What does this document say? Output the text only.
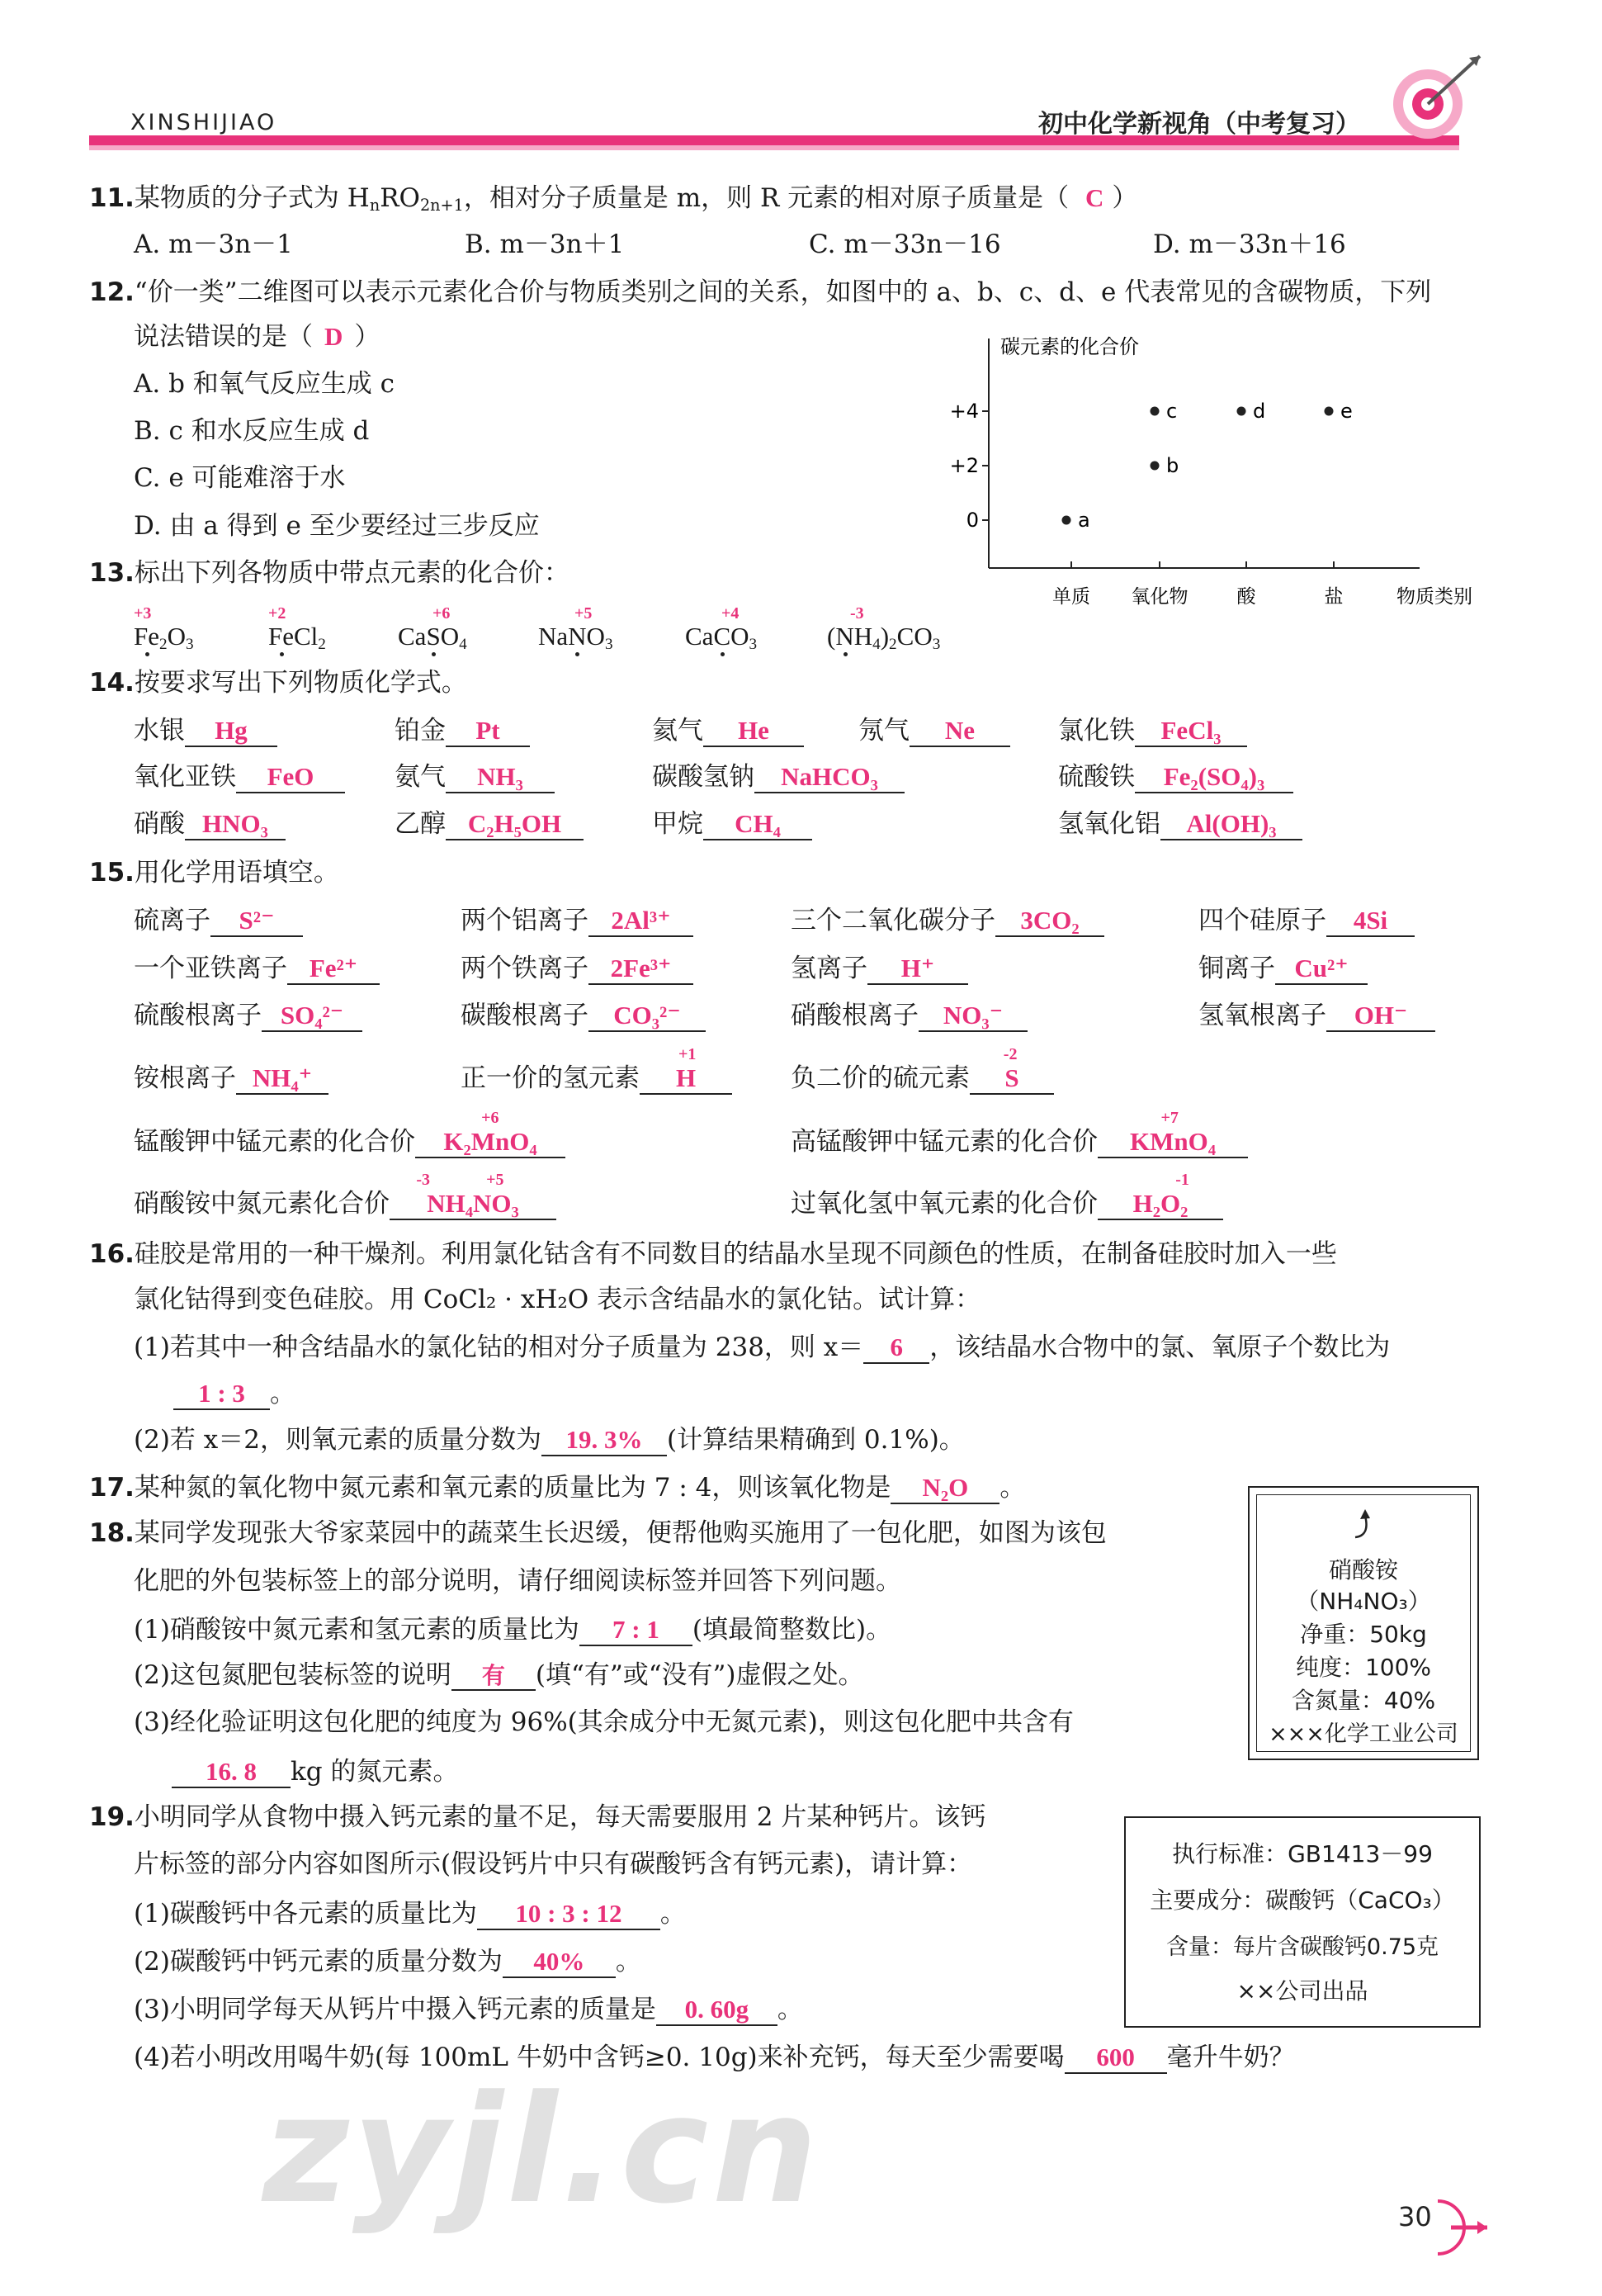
XINSHIJIAO	初中化学新视角（中考复习）
11.某物质的分子式为 $H_nRO_{2n+1}$，相对分子质量是 m，则 R 元素的相对原子质量是（ C ）
A. m－3n－1	B. m－3n＋1	C. m－33n－16	D. m－33n＋16
12.“价一类”二维图可以表示元素化合价与物质类别之间的关系，如图中的 a、b、c、d、e 代表常见的含碳物质，下列
说法错误的是（ D ）
A. b 和氧气反应生成 c
B. c 和水反应生成 d
C. e 可能难溶于水
D. 由 a 得到 e 至少要经过三步反应
碳元素的化合价
+4
+2
0
单质 氧化物	酸	盐	物质类别
a
b
c	d	e
13.标出下列各物质中带点元素的化合价：
+3
$Fe_2O_3$
+2
FeCl$_2$
+6
CaSO$_4$
+5
NaNO$_3$
+4
CaCO$_3$
-3
$(NH_4)_2CO_3$
14.按要求写出下列物质化学式。
水银 Hg	铂金 Pt	氦气 He	氖气 Ne	氯化铁 FeCl₃
氧化亚铁 FeO	氨气 NH₃	碳酸氢钠 NaHCO₃	硫酸铁 Fe₂(SO₄)₃
硝酸 HNO₃	乙醇 C₂H₅OH	甲烷 CH₄	氢氧化铝 Al(OH)₃
15.用化学用语填空。
硫离子 S²⁻	两个铝离子 2Al³⁺	三个二氧化碳分子 3CO₂	四个硅原子 4Si
一个亚铁离子 Fe²⁺	两个铁离子 2Fe³⁺	氢离子 H⁺	铜离子 Cu²⁺
硫酸根离子 SO₄²⁻	碳酸根离子 CO₃²⁻	硝酸根离子 NO₃⁻	氢氧根离子 OH⁻
铵根离子 NH₄⁺	正一价的氢元素 H
+1
负二价的硫元素 S
-2
锰酸钾中锰元素的化合价 K₂MnO₄
+6
高锰酸钾中锰元素的化合价 KMnO₄
+7
硝酸铵中氮元素化合价 NH₄NO₃
-3	+5
过氧化氢中氧元素的化合价 H₂O₂
-1
16.硅胶是常用的一种干燥剂。利用氯化钴含有不同数目的结晶水呈现不同颜色的性质，在制备硅胶时加入一些
氯化钴得到变色硅胶。用 CoCl₂ · xH₂O 表示含结晶水的氯化钴。试计算：
(1)若其中一种含结晶水的氯化钴的相对分子质量为 238，则 x＝ 6 ，该结晶水合物中的氯、氧原子个数比为
1 : 3 。
(2)若 x＝2，则氧元素的质量分数为 19. 3% (计算结果精确到 0.1%)。
17.某种氮的氧化物中氮元素和氧元素的质量比为 7 : 4，则该氧化物是 N₂O 。
18.某同学发现张大爷家菜园中的蔬菜生长迟缓，便帮他购买施用了一包化肥，如图为该包
化肥的外包装标签上的部分说明，请仔细阅读标签并回答下列问题。
(1)硝酸铵中氮元素和氢元素的质量比为 7 : 1 (填最简整数比)。
(2)这包氮肥包装标签的说明 有 (填“有”或“没有”)虚假之处。
(3)经化验证明这包化肥的纯度为 96%(其余成分中无氮元素)，则这包化肥中共含有
16. 8 kg 的氮元素。
硝酸铵
（NH₄NO₃）
净重：50kg
纯度：100%
含氮量：40%
×××化学工业公司
19.小明同学从食物中摄入钙元素的量不足，每天需要服用 2 片某种钙片。该钙
片标签的部分内容如图所示(假设钙片中只有碳酸钙含有钙元素)，请计算：
(1)碳酸钙中各元素的质量比为 10 : 3 : 12 。
(2)碳酸钙中钙元素的质量分数为 40% 。
(3)小明同学每天从钙片中摄入钙元素的质量是 0. 60g 。
(4)若小明改用喝牛奶(每 100mL 牛奶中含钙≥0. 10g)来补充钙，每天至少需要喝 600 毫升牛奶？
执行标准：GB1413－99
主要成分：碳酸钙（CaCO₃）
含量：每片含碳酸钙0.75克
××公司出品
zyjl.cn	30
